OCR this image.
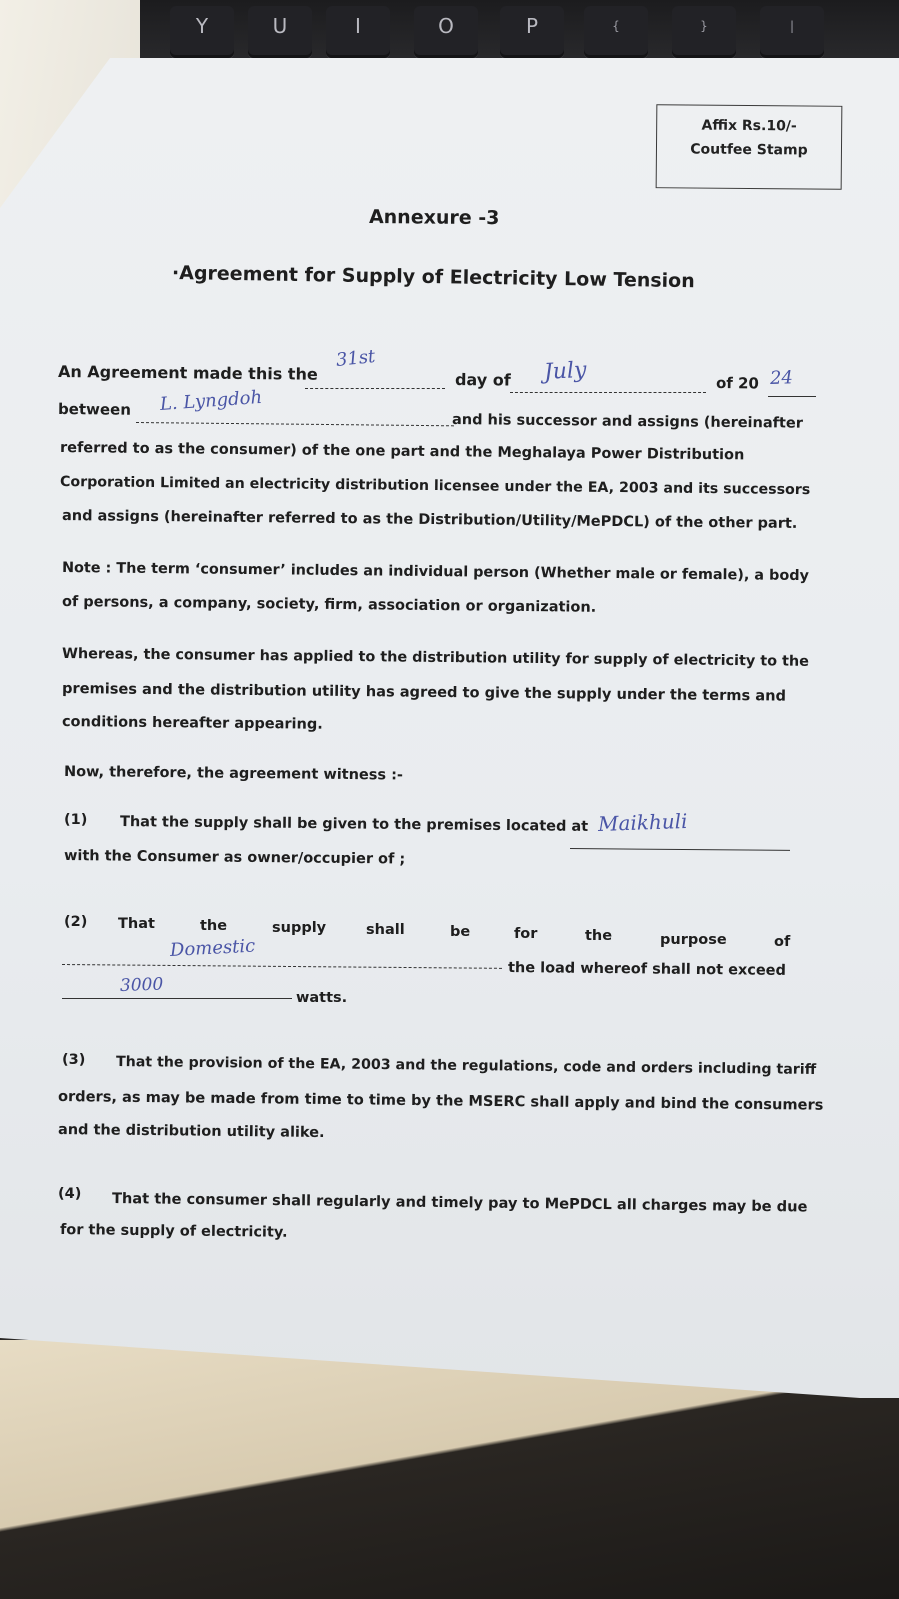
Y	U	I	O	P	{	}	|
Affix Rs.10/-
Coutfee Stamp
Annexure -3
·Agreement for Supply of Electricity Low Tension
An Agreement made this the
31st
day of July	of 20 24
between L. Lyngdoh
and his successor and assigns (hereinafter
referred to as the consumer) of the one part and the Meghalaya Power Distribution
Corporation Limited an electricity distribution licensee under the EA, 2003 and its successors
and assigns (hereinafter referred to as the Distribution/Utility/MePDCL) of the other part.
Note : The term ‘consumer’ includes an individual person (Whether male or female), a body
of persons, a company, society, firm, association or organization.
Whereas, the consumer has applied to the distribution utility for supply of electricity to the
premises and the distribution utility has agreed to give the supply under the terms and
conditions hereafter appearing.
Now, therefore, the agreement witness :-
(1) That the supply shall be given to the premises located at Maikhuli
with the Consumer as owner/occupier of ;
(2) That	the	supply	shall	be	for	the	purpose	of
Domestic
the load whereof shall not exceed
3000
watts.
(3) That the provision of the EA, 2003 and the regulations, code and orders including tariff
orders, as may be made from time to time by the MSERC shall apply and bind the consumers
and the distribution utility alike.
(4) That the consumer shall regularly and timely pay to MePDCL all charges may be due
for the supply of electricity.
